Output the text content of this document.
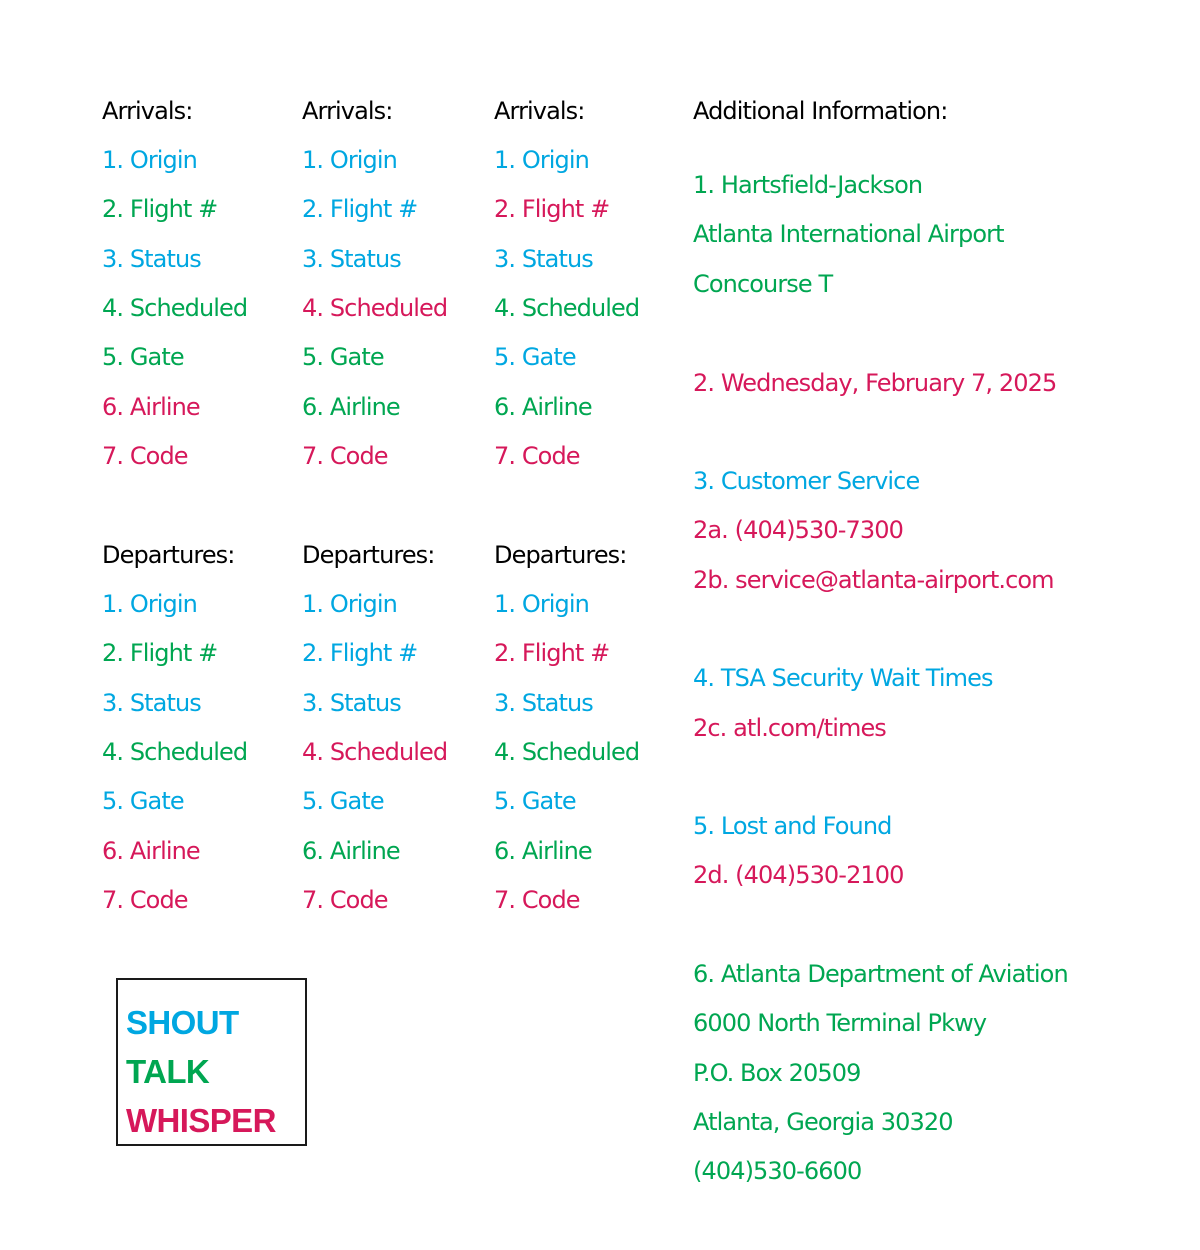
Arrivals:
1. Origin
2. Flight #
3. Status
4. Scheduled
5. Gate
6. Airline
7. Code
Departures:
1. Origin
2. Flight #
3. Status
4. Scheduled
5. Gate
6. Airline
7. Code
Arrivals:
1. Origin
2. Flight #
3. Status
4. Scheduled
5. Gate
6. Airline
7. Code
Departures:
1. Origin
2. Flight #
3. Status
4. Scheduled
5. Gate
6. Airline
7. Code
Arrivals:
1. Origin
2. Flight #
3. Status
4. Scheduled
5. Gate
6. Airline
7. Code
Departures:
1. Origin
2. Flight #
3. Status
4. Scheduled
5. Gate
6. Airline
7. Code
Additional Information:
1. Hartsfield-Jackson
Atlanta International Airport
Concourse T
2. Wednesday, February 7, 2025
3. Customer Service
2a. (404)530-7300
2b. service@atlanta-airport.com
4. TSA Security Wait Times
2c. atl.com/times
5. Lost and Found
2d. (404)530-2100
6. Atlanta Department of Aviation
6000 North Terminal Pkwy
P.O. Box 20509
Atlanta, Georgia 30320
(404)530-6600
SHOUT
TALK
WHISPER
